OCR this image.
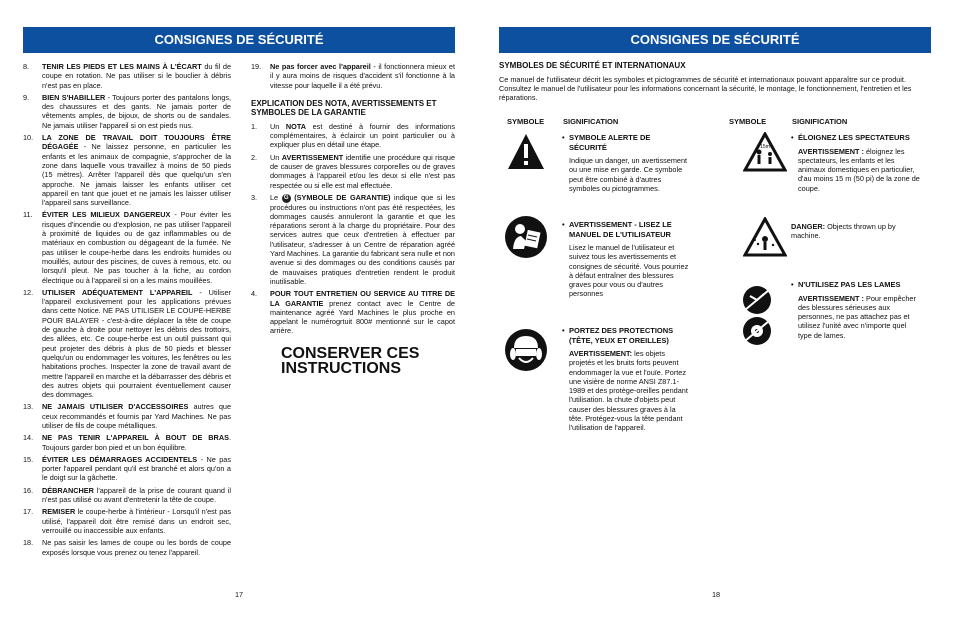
CONSIGNES DE SÉCURITÉ
8. TENIR LES PIEDS ET LES MAINS À L'ÉCART du fil de coupe en rotation. Ne pas utiliser si le bouclier à débris n'est pas en place.
9. BIEN S'HABILLER - Toujours porter des pantalons longs, des chaussures et des gants. Ne jamais porter de vêtements amples, de bijoux, de shorts ou de sandales. Ne jamais utiliser l'appareil si on est pieds nus.
10. LA ZONE DE TRAVAIL DOIT TOUJOURS ÊTRE DÉGAGÉE - Ne laissez personne, en particulier les enfants et les animaux de compagnie, s'approcher de la zone dans laquelle vous travaillez à moins de 50 pieds (15 mètres). Arrêter l'appareil dès que quelqu'un s'en approche. Ne jamais laisser les enfants utiliser cet appareil en tant que jouet et ne jamais les laisser utiliser l'appareil sans surveillance.
11. ÉVITER LES MILIEUX DANGEREUX - Pour éviter les risques d'incendie ou d'explosion, ne pas utiliser l'appareil à proximité de liquides ou de gaz inflammables ou de matériaux en combustion ou dégageant de la fumée. Ne pas utiliser le coupe-herbe dans les endroits humides ou mouillés, autour des piscines, de cuves à remous, etc. ou lorsqu'il pleut. Ne pas toucher à la fiche, au cordon électrique ou à l'appareil si on a les mains mouillées.
12. UTILISER ADÉQUATEMENT L'APPAREIL - Utiliser l'appareil exclusivement pour les applications prévues dans cette Notice. NE PAS UTILISER LE COUPE-HERBE POUR BALAYER - c'est-à-dire déplacer la tête de coupe de gauche à droite pour nettoyer les débris des trottoirs, des allées, etc. Ce coupe-herbe est un outil puissant qui peut projeter des débris à plus de 50 pieds et blesser quelqu'un ou endommager les voitures, les fenêtres ou les habitations proches. Inspecter la zone de travail avant de mettre l'appareil en marche et la débarrasser des débris et des autres objets qui pourraient éventuellement causer des dommages.
13. NE JAMAIS UTILISER D'ACCESSOIRES autres que ceux recommandés et fournis par Yard Machines. Ne pas utiliser de fils de coupe métalliques.
14. NE PAS TENIR L'APPAREIL À BOUT DE BRAS. Toujours garder bon pied et un bon équilibre.
15. ÉVITER LES DÉMARRAGES ACCIDENTELS - Ne pas porter l'appareil pendant qu'il est branché et alors qu'on a le doigt sur la gâchette.
16. DÉBRANCHER l'appareil de la prise de courant quand il n'est pas utilisé ou avant d'entretenir la tête de coupe.
17. REMISER le coupe-herbe à l'intérieur - Lorsqu'il n'est pas utilisé, l'appareil doit être remisé dans un endroit sec, verrouillé ou inaccessible aux enfants.
18. Ne pas saisir les lames de coupe ou les bords de coupe exposés lorsque vous prenez ou tenez l'appareil.
19. Ne pas forcer avec l'appareil - il fonctionnera mieux et il y aura moins de risques d'accident s'il fonctionne à la vitesse pour laquelle il a été prévu.
EXPLICATION DES NOTA, AVERTISSEMENTS ET SYMBOLES DE LA GARANTIE
1. Un NOTA est destiné à fournir des informations complémentaires, à éclaircir un point particulier ou à expliquer plus en détail une étape.
2. Un AVERTISSEMENT identifie une procédure qui risque de causer de graves blessures corporelles ou de graves dommages à l'appareil et/ou les deux si elle n'est pas respectée ou si elle est mal effectuée.
3. Le G (SYMBOLE DE GARANTIE) indique que si les procédures ou instructions n'ont pas été respectées, les dommages causés annuleront la garantie et que les réparations seront à la charge du propriétaire. Pour des services autres que ceux d'entretien à effectuer par l'utilisateur, s'adresser à un Centre de réparation agréé Yard Machines. La garantie du fabricant sera nulle et non avenue si des dommages ou des conditions causés par de mauvaises pratiques d'entretien rendent le produit inutilisable.
4. POUR TOUT ENTRETIEN OU SERVICE AU TITRE DE LA GARANTIE prenez contact avec le Centre de maintenance agréé Yard Machines le plus proche en appelant le numérogrtuit 800# mentionné sur le capot arrière.
CONSERVER CES
INSTRUCTIONS
17
CONSIGNES DE SÉCURITÉ
SYMBOLES DE SÉCURITÉ ET INTERNATIONAUX
Ce manuel de l'utilisateur décrit les symboles et pictogrammes de sécurité et internationaux pouvant apparaître sur ce produit. Consultez le manuel de l'utilisateur pour les informations concernant la sécurité, le montage, le fonctionnement, l'entretien et les réparations.
SYMBOLE	SIGNIFICATION	SYMBOLE	SIGNIFICATION
15m
• SYMBOLE ALERTE DE SÉCURITÉ
Indique un danger, un avertissement ou une mise en garde. Ce symbole peut être combiné à d'autres symboles ou pictogrammes.
• AVERTISSEMENT - LISEZ LE MANUEL DE L'UTILISATEUR
Lisez le manuel de l'utilisateur et suivez tous les avertissements et consignes de sécurité. Vous pourriez à défaut entraîner des blessures graves pour vous ou d'autres personnes
• PORTEZ DES PROTECTIONS (TÊTE, YEUX ET OREILLES)
AVERTISSEMENT: les objets projetés et les bruits forts peuvent endommager la vue et l'ouïe. Portez une visière de norme ANSI Z87.1-1989 et des protège-oreilles pendant l'utilisation. la chute d'objets peut causer des blessures graves à la tête. Protégez-vous la tête pendant l'utilisation de l'appareil.
• ÉLOIGNEZ LES SPECTATEURS
AVERTISSEMENT : éloignez les spectateurs, les enfants et les animaux domestiques en particulier, d'au moins 15 m (50 pi) de la zone de coupe.
DANGER: Objects thrown up by machine.
• N'UTILISEZ PAS LES LAMES
AVERTISSEMENT : Pour empêcher des blessures sérieuses aux personnes, ne pas attachez pas et utilisez l'unité avec n'importe quel type de lames.
18
